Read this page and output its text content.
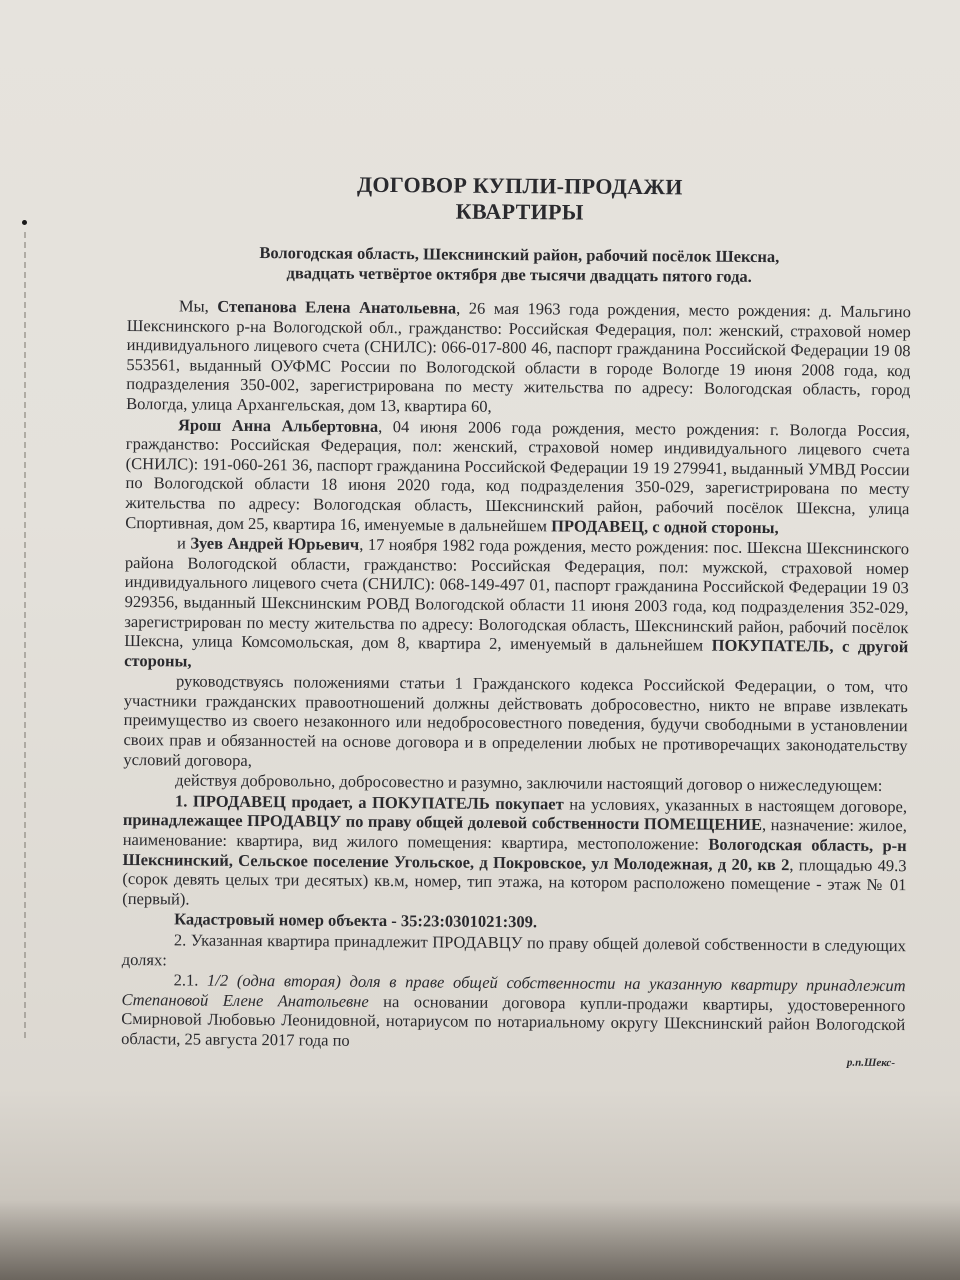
ДОГОВОР КУПЛИ-ПРОДАЖИ
КВАРТИРЫ
Вологодская область, Шекснинский район, рабочий посёлок Шексна,
двадцать четвёртое октября две тысячи двадцать пятого года.

Мы, Степанова Елена Анатольевна, 26 мая 1963 года рождения, место рождения: д. Мальгино Шекснинского р-на Вологодской обл., гражданство: Российская Федерация, пол: женский, страховой номер индивидуального лицевого счета (СНИЛС): 066-017-800 46, паспорт гражданина Российской Федерации 19 08 553561, выданный ОУФМС России по Вологодской области в городе Вологде 19 июня 2008 года, код подразделения 350-002, зарегистрирована по месту жительства по адресу: Вологодская область, город Вологда, улица Архангельская, дом 13, квартира 60,

Ярош Анна Альбертовна, 04 июня 2006 года рождения, место рождения: г. Вологда Россия, гражданство: Российская Федерация, пол: женский, страховой номер индивидуального лицевого счета (СНИЛС): 191-060-261 36, паспорт гражданина Российской Федерации 19 19 279941, выданный УМВД России по Вологодской области 18 июня 2020 года, код подразделения 350-029, зарегистрирована по месту жительства по адресу: Вологодская область, Шекснинский район, рабочий посёлок Шексна, улица Спортивная, дом 25, квартира 16, именуемые в дальнейшем ПРОДАВЕЦ, с одной стороны,

и Зуев Андрей Юрьевич, 17 ноября 1982 года рождения, место рождения: пос. Шексна Шекснинского района Вологодской области, гражданство: Российская Федерация, пол: мужской, страховой номер индивидуального лицевого счета (СНИЛС): 068-149-497 01, паспорт гражданина Российской Федерации 19 03 929356, выданный Шекснинским РОВД Вологодской области 11 июня 2003 года, код подразделения 352-029, зарегистрирован по месту жительства по адресу: Вологодская область, Шекснинский район, рабочий посёлок Шексна, улица Комсомольская, дом 8, квартира 2, именуемый в дальнейшем ПОКУПАТЕЛЬ, с другой стороны,

руководствуясь положениями статьи 1 Гражданского кодекса Российской Федерации, о том, что участники гражданских правоотношений должны действовать добросовестно, никто не вправе извлекать преимущество из своего незаконного или недобросовестного поведения, будучи свободными в установлении своих прав и обязанностей на основе договора и в определении любых не противоречащих законодательству условий договора,

действуя добровольно, добросовестно и разумно, заключили настоящий договор о нижеследующем:

1. ПРОДАВЕЦ продает, а ПОКУПАТЕЛЬ покупает на условиях, указанных в настоящем договоре, принадлежащее ПРОДАВЦУ по праву общей долевой собственности ПОМЕЩЕНИЕ, назначение: жилое, наименование: квартира, вид жилого помещения: квартира, местоположение: Вологодская область, р-н Шекснинский, Сельское поселение Угольское, д Покровское, ул Молодежная, д 20, кв 2, площадью 49.3 (сорок девять целых три десятых) кв.м, номер, тип этажа, на котором расположено помещение - этаж № 01 (первый).

Кадастровый номер объекта - 35:23:0301021:309.

2. Указанная квартира принадлежит ПРОДАВЦУ по праву общей долевой собственности в следующих долях:

2.1. 1/2 (одна вторая) доля в праве общей собственности на указанную квартиру принадлежит Степановой Елене Анатольевне на основании договора купли-продажи квартиры, удостоверенного Смирновой Любовью Леонидовной, нотариусом по нотариальному округу Шекснинский район Вологодской области, 25 августа 2017 года по

р.п.Шекс-
